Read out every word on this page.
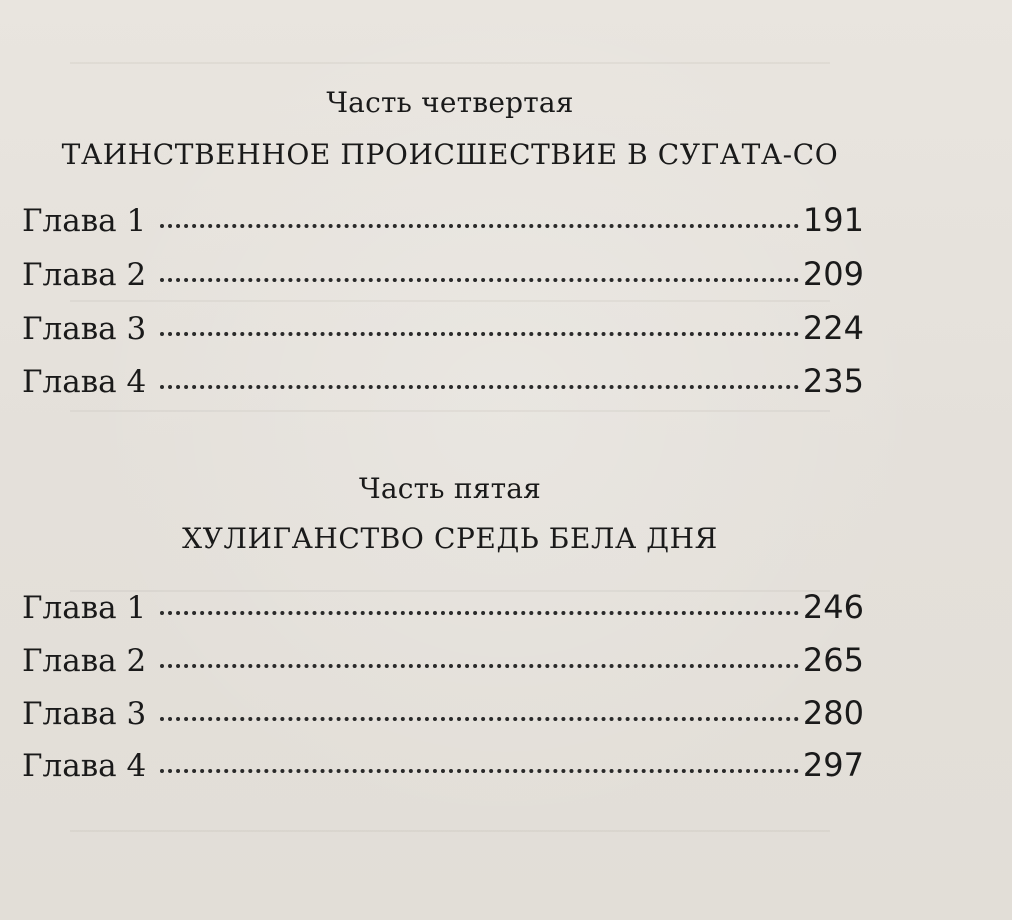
Часть четвертая
ТАИНСТВЕННОЕ ПРОИСШЕСТВИЕ В СУГАТА-СО
Глава 1	191
Глава 2	209
Глава 3	224
Глава 4	235
Часть пятая
ХУЛИГАНСТВО СРЕДЬ БЕЛА ДНЯ
Глава 1	246
Глава 2	265
Глава 3	280
Глава 4	297
